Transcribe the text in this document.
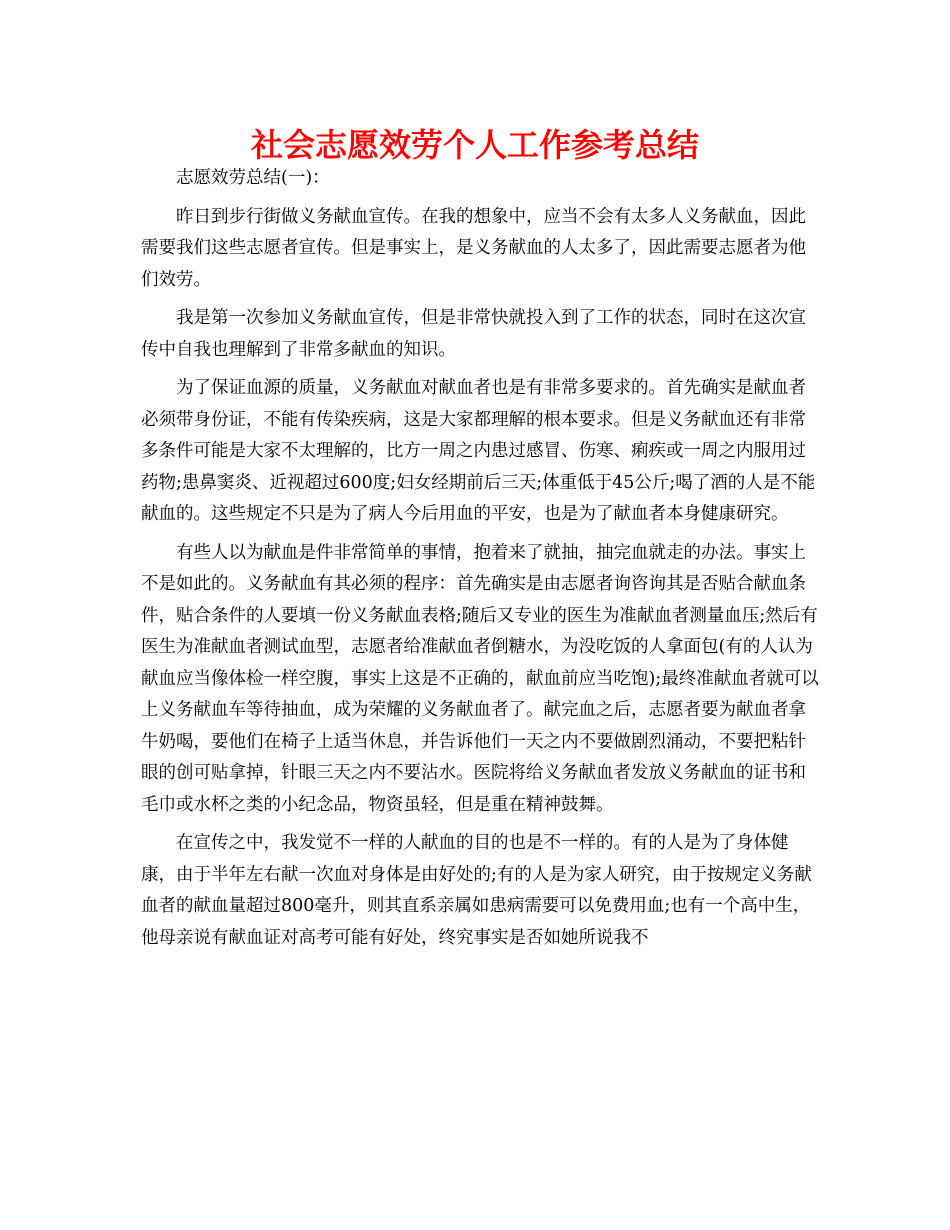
社会志愿效劳个人工作参考总结

志愿效劳总结(一)：

昨日到步行街做义务献血宣传。在我的想象中，应当不会有太多人义务献血，因此需要我们这些志愿者宣传。但是事实上，是义务献血的人太多了，因此需要志愿者为他们效劳。

我是第一次参加义务献血宣传，但是非常快就投入到了工作的状态，同时在这次宣传中自我也理解到了非常多献血的知识。

为了保证血源的质量，义务献血对献血者也是有非常多要求的。首先确实是献血者必须带身份证，不能有传染疾病，这是大家都理解的根本要求。但是义务献血还有非常多条件可能是大家不太理解的，比方一周之内患过感冒、伤寒、痢疾或一周之内服用过药物;患鼻窦炎、近视超过600度;妇女经期前后三天;体重低于45公斤;喝了酒的人是不能献血的。这些规定不只是为了病人今后用血的平安，也是为了献血者本身健康研究。

有些人以为献血是件非常简单的事情，抱着来了就抽，抽完血就走的办法。事实上不是如此的。义务献血有其必须的程序：首先确实是由志愿者询咨询其是否贴合献血条件，贴合条件的人要填一份义务献血表格;随后又专业的医生为准献血者测量血压;然后有医生为准献血者测试血型，志愿者给准献血者倒糖水，为没吃饭的人拿面包(有的人认为献血应当像体检一样空腹，事实上这是不正确的，献血前应当吃饱);最终准献血者就可以上义务献血车等待抽血，成为荣耀的义务献血者了。献完血之后，志愿者要为献血者拿牛奶喝，要他们在椅子上适当休息，并告诉他们一天之内不要做剧烈涌动，不要把粘针眼的创可贴拿掉，针眼三天之内不要沾水。医院将给义务献血者发放义务献血的证书和毛巾或水杯之类的小纪念品，物资虽轻，但是重在精神鼓舞。

在宣传之中，我发觉不一样的人献血的目的也是不一样的。有的人是为了身体健康，由于半年左右献一次血对身体是由好处的;有的人是为家人研究，由于按规定义务献血者的献血量超过800毫升，则其直系亲属如患病需要可以免费用血;也有一个高中生，他母亲说有献血证对高考可能有好处，终究事实是否如她所说我不
